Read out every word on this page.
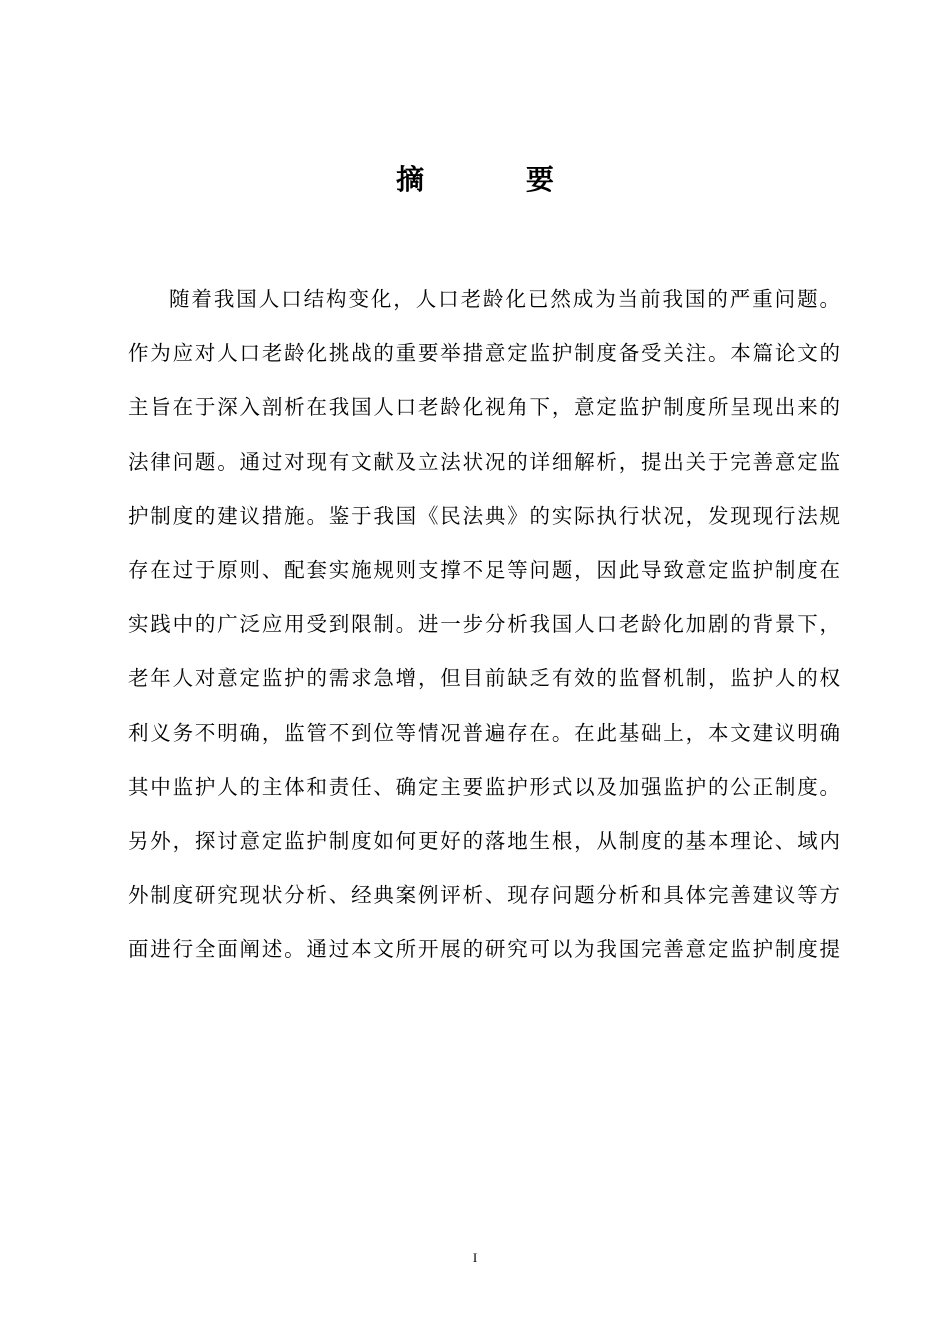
摘 要
随着我国人口结构变化，人口老龄化已然成为当前我国的严重问题。
作为应对人口老龄化挑战的重要举措意定监护制度备受关注。本篇论文的
主旨在于深入剖析在我国人口老龄化视角下，意定监护制度所呈现出来的
法律问题。通过对现有文献及立法状况的详细解析，提出关于完善意定监
护制度的建议措施。鉴于我国《民法典》的实际执行状况，发现现行法规
存在过于原则、配套实施规则支撑不足等问题，因此导致意定监护制度在
实践中的广泛应用受到限制。进一步分析我国人口老龄化加剧的背景下，
老年人对意定监护的需求急增，但目前缺乏有效的监督机制，监护人的权
利义务不明确，监管不到位等情况普遍存在。在此基础上，本文建议明确
其中监护人的主体和责任、确定主要监护形式以及加强监护的公正制度。
另外，探讨意定监护制度如何更好的落地生根，从制度的基本理论、域内
外制度研究现状分析、经典案例评析、现存问题分析和具体完善建议等方
面进行全面阐述。通过本文所开展的研究可以为我国完善意定监护制度提
I
